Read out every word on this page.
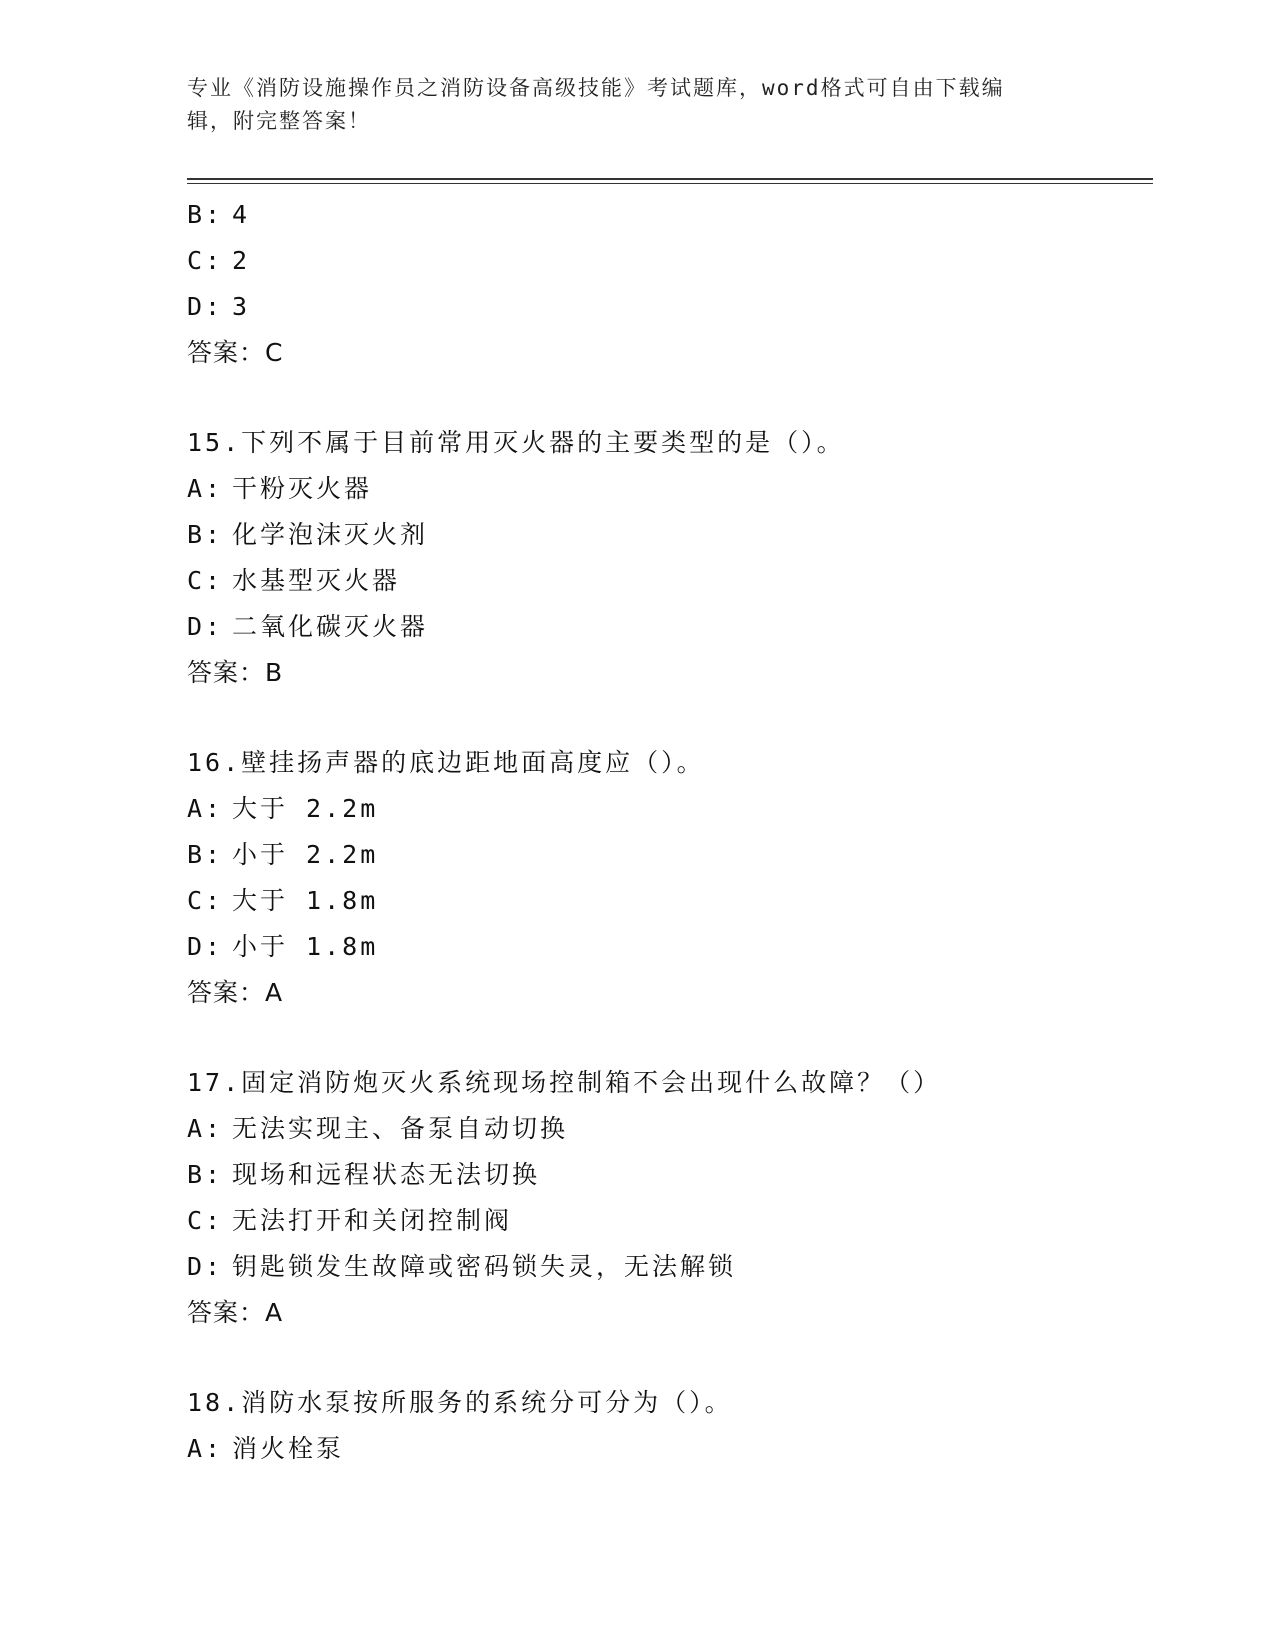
专业《消防设施操作员之消防设备高级技能》考试题库，word格式可自由下载编
辑，附完整答案！
B: 4
C: 2
D: 3
答案：C
15.下列不属于目前常用灭火器的主要类型的是（）。
A: 干粉灭火器
B: 化学泡沫灭火剂
C: 水基型灭火器
D: 二氧化碳灭火器
答案：B
16.壁挂扬声器的底边距地面高度应（）。
A: 大于 2.2m
B: 小于 2.2m
C: 大于 1.8m
D: 小于 1.8m
答案：A
17.固定消防炮灭火系统现场控制箱不会出现什么故障？（）
A: 无法实现主、备泵自动切换
B: 现场和远程状态无法切换
C: 无法打开和关闭控制阀
D: 钥匙锁发生故障或密码锁失灵，无法解锁
答案：A
18.消防水泵按所服务的系统分可分为（）。
A: 消火栓泵
